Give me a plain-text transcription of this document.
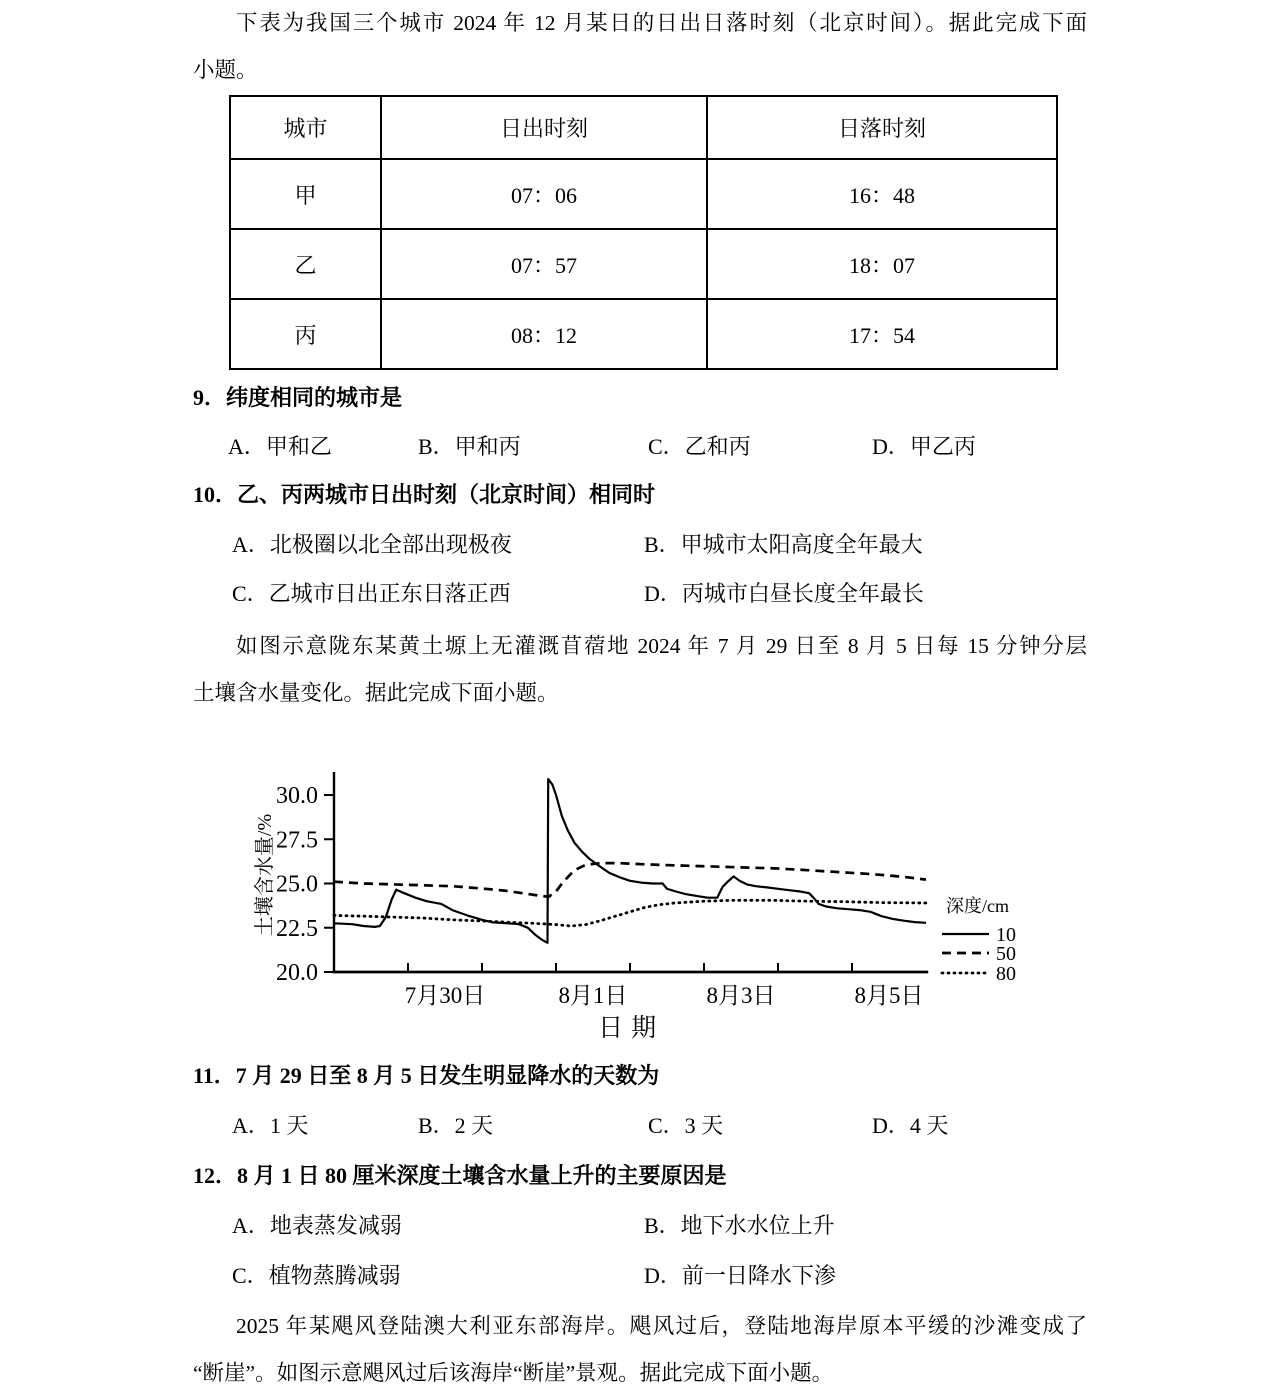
下表为我国三个城市 2024 年 12 月某日的日出日落时刻（北京时间）。据此完成下面
小题。
城市	日出时刻	日落时刻
甲	07：06	16：48
乙	07：57	18：07
丙	08：12	17：54
9．纬度相同的城市是
A．甲和乙	B．甲和丙	C．乙和丙	D．甲乙丙
10．乙、丙两城市日出时刻（北京时间）相同时
A．北极圈以北全部出现极夜	B．甲城市太阳高度全年最大
C．乙城市日出正东日落正西	D．丙城市白昼长度全年最长
如图示意陇东某黄土塬上无灌溉苜蓿地 2024 年 7 月 29 日至 8 月 5 日每 15 分钟分层
土壤含水量变化。据此完成下面小题。
20.0
22.5
25.0
27.5
30.0
7月30日	8月1日	8月3日	8月5日
日期
土壤含水量/%	深度/cm
10
50
80
11．7 月 29 日至 8 月 5 日发生明显降水的天数为
A．1 天	B．2 天	C．3 天	D．4 天
12．8 月 1 日 80 厘米深度土壤含水量上升的主要原因是
A．地表蒸发减弱	B．地下水水位上升
C．植物蒸腾减弱	D．前一日降水下渗
2025 年某飓风登陆澳大利亚东部海岸。飓风过后，登陆地海岸原本平缓的沙滩变成了
“断崖”。如图示意飓风过后该海岸“断崖”景观。据此完成下面小题。
